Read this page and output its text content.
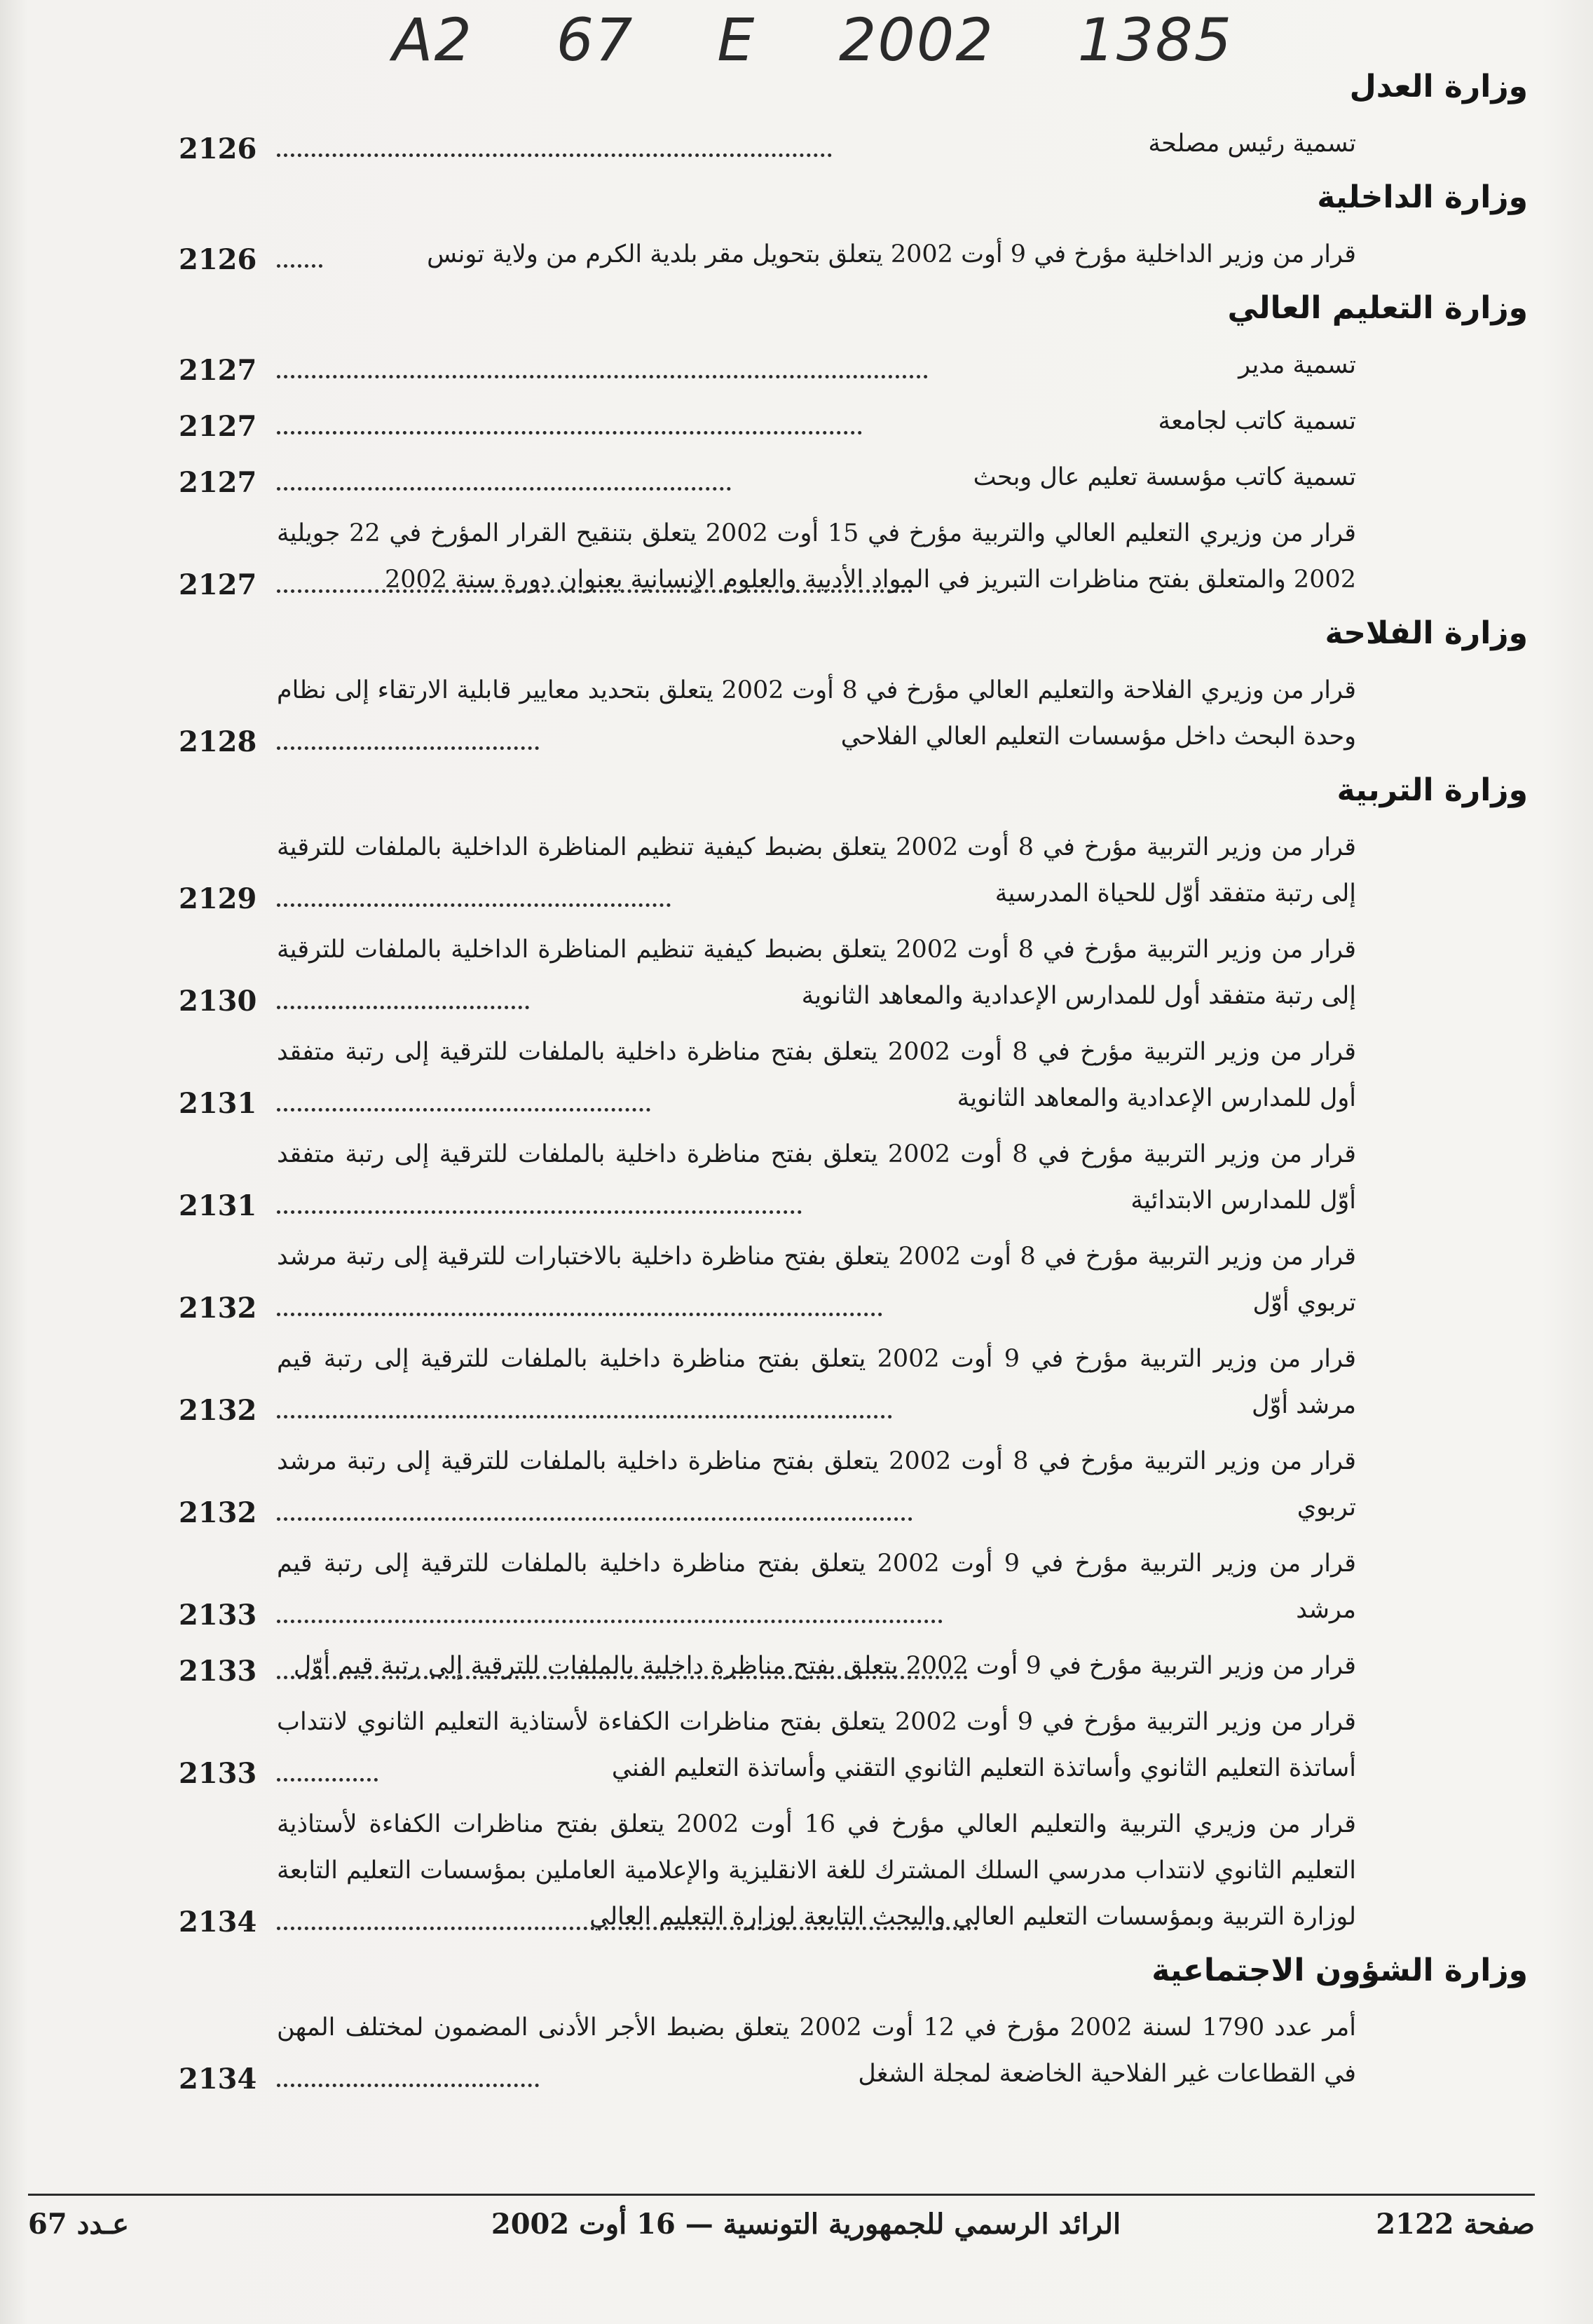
A2 67 E 2002 1385
وزارة العدل
تسمية رئيس مصلحة
2126
وزارة الداخلية
قرار من وزير الداخلية مؤرخ في 9 أوت 2002 يتعلق بتحويل مقر بلدية الكرم من ولاية تونس
2126
وزارة التعليم العالي
تسمية مدير
2127
تسمية كاتب لجامعة
2127
تسمية كاتب مؤسسة تعليم عال وبحث
2127
قرار من وزيري التعليم العالي والتربية مؤرخ في 15 أوت 2002 يتعلق بتنقيح القرار المؤرخ في 22 جويلية 2002 والمتعلق بفتح مناظرات التبريز في المواد الأدبية والعلوم الإنسانية بعنوان دورة سنة 2002
2127
وزارة الفلاحة
قرار من وزيري الفلاحة والتعليم العالي مؤرخ في 8 أوت 2002 يتعلق بتحديد معايير قابلية الارتقاء إلى نظام وحدة البحث داخل مؤسسات التعليم العالي الفلاحي
2128
وزارة التربية
قرار من وزير التربية مؤرخ في 8 أوت 2002 يتعلق بضبط كيفية تنظيم المناظرة الداخلية بالملفات للترقية إلى رتبة متفقد أوّل للحياة المدرسية
2129
قرار من وزير التربية مؤرخ في 8 أوت 2002 يتعلق بضبط كيفية تنظيم المناظرة الداخلية بالملفات للترقية إلى رتبة متفقد أول للمدارس الإعدادية والمعاهد الثانوية
2130
قرار من وزير التربية مؤرخ في 8 أوت 2002 يتعلق بفتح مناظرة داخلية بالملفات للترقية إلى رتبة متفقد أول للمدارس الإعدادية والمعاهد الثانوية
2131
قرار من وزير التربية مؤرخ في 8 أوت 2002 يتعلق بفتح مناظرة داخلية بالملفات للترقية إلى رتبة متفقد أوّل للمدارس الابتدائية
2131
قرار من وزير التربية مؤرخ في 8 أوت 2002 يتعلق بفتح مناظرة داخلية بالاختبارات للترقية إلى رتبة مرشد تربوي أوّل
2132
قرار من وزير التربية مؤرخ في 9 أوت 2002 يتعلق بفتح مناظرة داخلية بالملفات للترقية إلى رتبة قيم مرشد أوّل
2132
قرار من وزير التربية مؤرخ في 8 أوت 2002 يتعلق بفتح مناظرة داخلية بالملفات للترقية إلى رتبة مرشد تربوي
2132
قرار من وزير التربية مؤرخ في 9 أوت 2002 يتعلق بفتح مناظرة داخلية بالملفات للترقية إلى رتبة قيم مرشد
2133
قرار من وزير التربية مؤرخ في 9 أوت 2002 يتعلق بفتح مناظرة داخلية بالملفات للترقية إلى رتبة قيم أوّل
2133
قرار من وزير التربية مؤرخ في 9 أوت 2002 يتعلق بفتح مناظرات الكفاءة لأستاذية التعليم الثانوي لانتداب أساتذة التعليم الثانوي وأساتذة التعليم الثانوي التقني وأساتذة التعليم الفني
2133
قرار من وزيري التربية والتعليم العالي مؤرخ في 16 أوت 2002 يتعلق بفتح مناظرات الكفاءة لأستاذية التعليم الثانوي لانتداب مدرسي السلك المشترك للغة الانقليزية والإعلامية العاملين بمؤسسات التعليم التابعة لوزارة التربية وبمؤسسات التعليم العالي والبحث التابعة لوزارة التعليم العالي
2134
وزارة الشؤون الاجتماعية
أمر عدد 1790 لسنة 2002 مؤرخ في 12 أوت 2002 يتعلق بضبط الأجر الأدنى المضمون لمختلف المهن في القطاعات غير الفلاحية الخاضعة لمجلة الشغل
2134
عـدد 67	الرائد الرسمي للجمهورية التونسية — 16 أوت 2002	صفحة 2122
